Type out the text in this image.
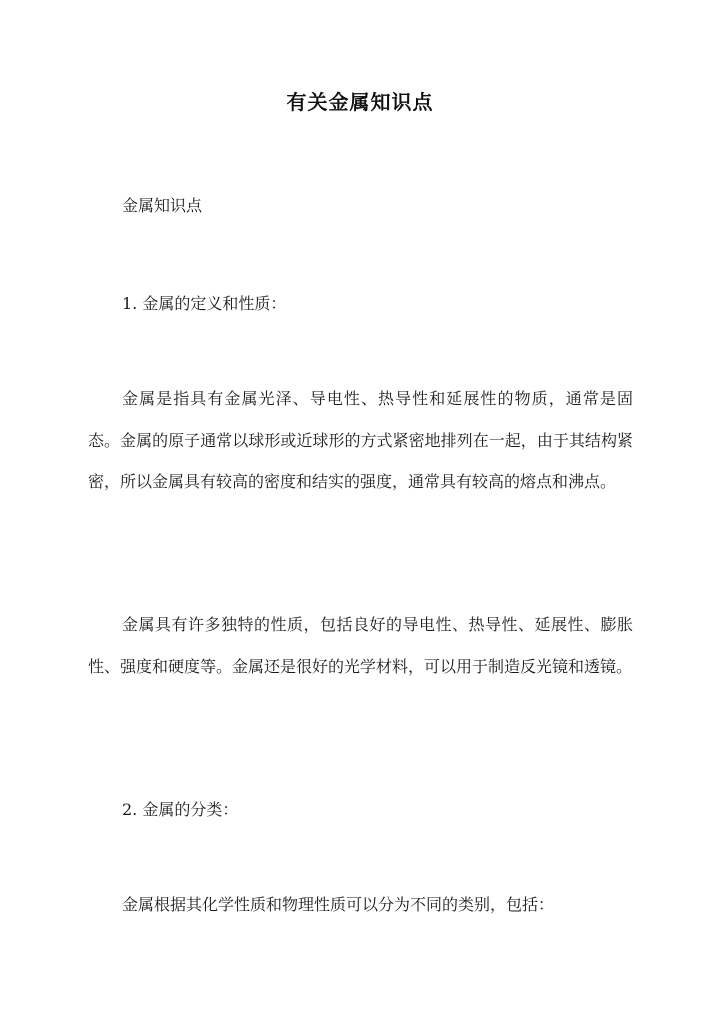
有关金属知识点
金属知识点
1. 金属的定义和性质：
金属是指具有金属光泽、导电性、热导性和延展性的物质，通常是固态。金属的原子通常以球形或近球形的方式紧密地排列在一起，由于其结构紧密，所以金属具有较高的密度和结实的强度，通常具有较高的熔点和沸点。
金属具有许多独特的性质，包括良好的导电性、热导性、延展性、膨胀性、强度和硬度等。金属还是很好的光学材料，可以用于制造反光镜和透镜。
2. 金属的分类：
金属根据其化学性质和物理性质可以分为不同的类别，包括：
